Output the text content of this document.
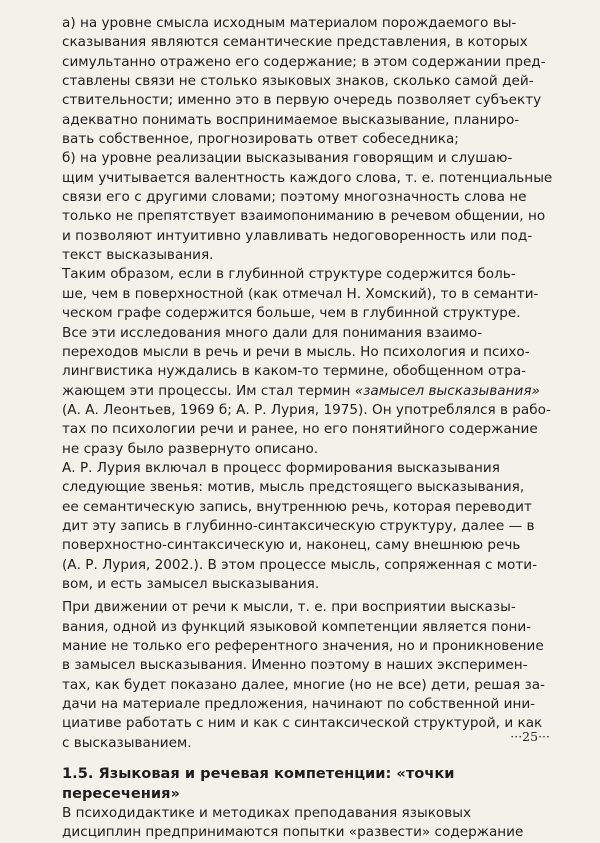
а) на уровне смысла исходным материалом порождаемого вы-
сказывания являются семантические представления, в которых
симультанно отражено его содержание; в этом содержании пред-
ставлены связи не столько языковых знаков, сколько самой дей-
ствительности; именно это в первую очередь позволяет субъекту
адекватно понимать воспринимаемое высказывание, планиро-
вать собственное, прогнозировать ответ собеседника;
б) на уровне реализации высказывания говорящим и слушаю-
щим учитывается валентность каждого слова, т. е. потенциальные
связи его с другими словами; поэтому многозначность слова не
только не препятствует взаимопониманию в речевом общении, но
и позволяют интуитивно улавливать недоговоренность или под-
текст высказывания.
Таким образом, если в глубинной структуре содержится боль-
ше, чем в поверхностной (как отмечал Н. Хомский), то в семанти-
ческом графе содержится больше, чем в глубинной структуре.
Все эти исследования много дали для понимания взаимо-
переходов мысли в речь и речи в мысль. Но психология и психо-
лингвистика нуждались в каком-то термине, обобщенном отра-
жающем эти процессы. Им стал термин «замысел высказывания»
(А. А. Леонтьев, 1969 б; А. Р. Лурия, 1975). Он употреблялся в рабо-
тах по психологии речи и ранее, но его понятийного содержание
не сразу было развернуто описано.
А. Р. Лурия включал в процесс формирования высказывания
следующие звенья: мотив, мысль предстоящего высказывания,
ее семантическую запись, внутреннюю речь, которая переводит
дит эту запись в глубинно-синтаксическую структуру, далее — в
поверхностно-синтаксическую и, наконец, саму внешнюю речь
(А. Р. Лурия, 2002.). В этом процессе мысль, сопряженная с моти-
вом, и есть замысел высказывания.
При движении от речи к мысли, т. е. при восприятии высказы-
вания, одной из функций языковой компетенции является пони-
мание не только его референтного значения, но и проникновение
в замысел высказывания. Именно поэтому в наших эксперимен-
тах, как будет показано далее, многие (но не все) дети, решая за-
дачи на материале предложения, начинают по собственной ини-
циативе работать с ним и как с синтаксической структурой, и как
с высказыванием.
1.5. Языковая и речевая компетенции: «точки пересечения»
В психодидактике и методиках преподавания языковых
дисциплин предпринимаются попытки «развести» содержание
···25···
